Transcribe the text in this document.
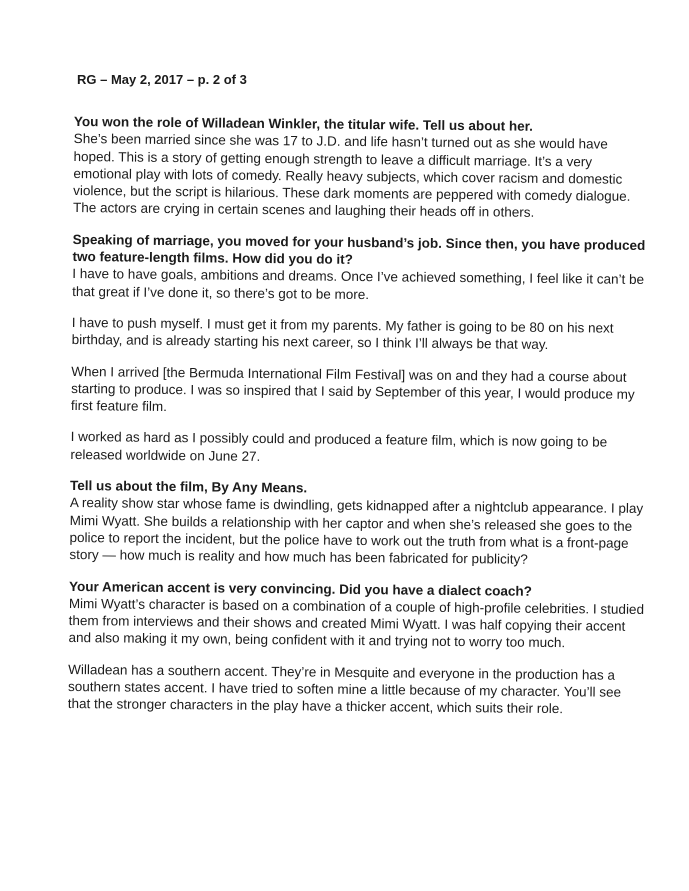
RG – May 2, 2017 – p. 2 of 3

You won the role of Willadean Winkler, the titular wife. Tell us about her.

She’s been married since she was 17 to J.D. and life hasn’t turned out as she would have hoped. This is a story of getting enough strength to leave a difficult marriage. It’s a very emotional play with lots of comedy. Really heavy subjects, which cover racism and domestic violence, but the script is hilarious. These dark moments are peppered with comedy dialogue. The actors are crying in certain scenes and laughing their heads off in others.

Speaking of marriage, you moved for your husband’s job. Since then, you have produced two feature-length films. How did you do it?

I have to have goals, ambitions and dreams. Once I’ve achieved something, I feel like it can’t be that great if I’ve done it, so there’s got to be more.

I have to push myself. I must get it from my parents. My father is going to be 80 on his next birthday, and is already starting his next career, so I think I’ll always be that way.

When I arrived [the Bermuda International Film Festival] was on and they had a course about starting to produce. I was so inspired that I said by September of this year, I would produce my first feature film.

I worked as hard as I possibly could and produced a feature film, which is now going to be released worldwide on June 27.

Tell us about the film, By Any Means.

A reality show star whose fame is dwindling, gets kidnapped after a nightclub appearance. I play Mimi Wyatt. She builds a relationship with her captor and when she’s released she goes to the police to report the incident, but the police have to work out the truth from what is a front-page story — how much is reality and how much has been fabricated for publicity?

Your American accent is very convincing. Did you have a dialect coach?

Mimi Wyatt’s character is based on a combination of a couple of high-profile celebrities. I studied them from interviews and their shows and created Mimi Wyatt. I was half copying their accent and also making it my own, being confident with it and trying not to worry too much.

Willadean has a southern accent. They’re in Mesquite and everyone in the production has a southern states accent. I have tried to soften mine a little because of my character. You’ll see that the stronger characters in the play have a thicker accent, which suits their role.
